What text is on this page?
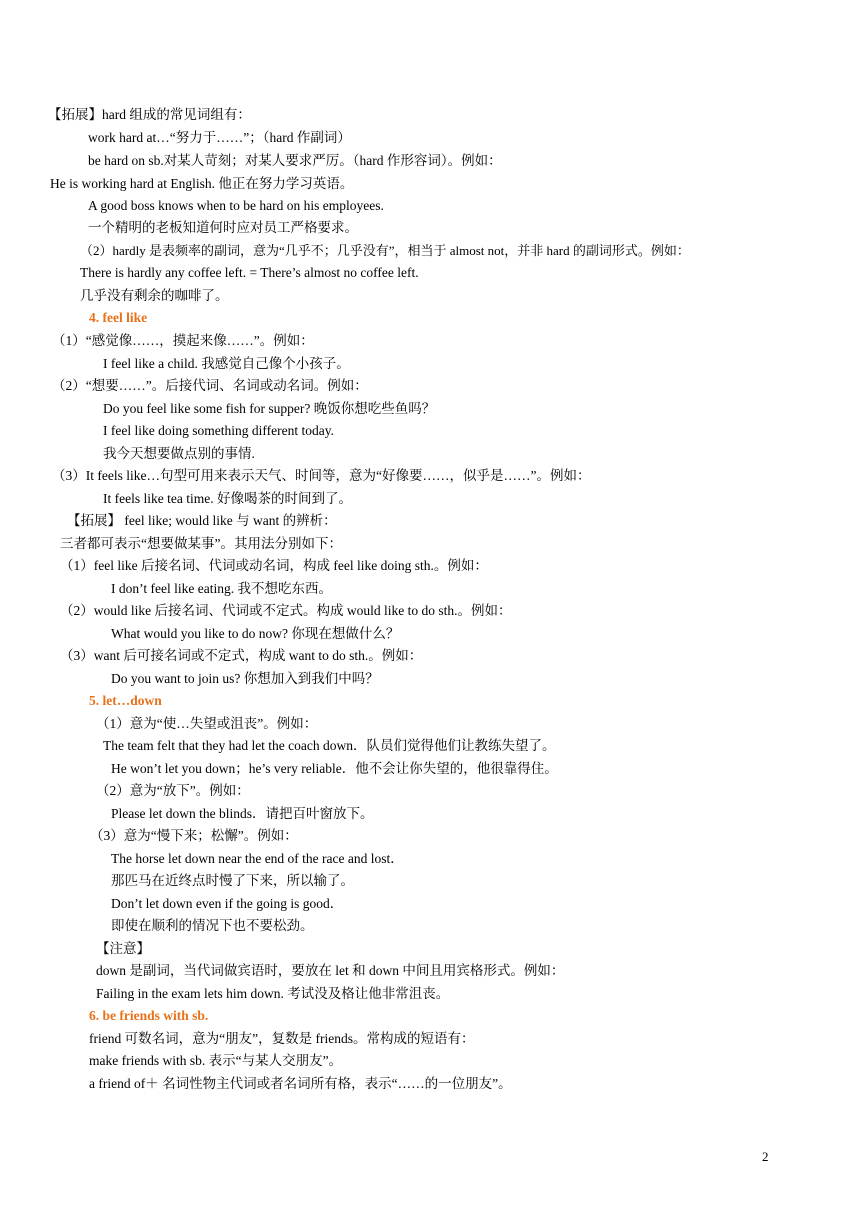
【拓展】hard 组成的常见词组有：
work hard at…“努力于……”；（hard 作副词）
be hard on sb.对某人苛刻；对某人要求严厉。（hard 作形容词）。例如：
He is working hard at English. 他正在努力学习英语。
A good boss knows when to be hard on his employees.
一个精明的老板知道何时应对员工严格要求。
（2）hardly 是表频率的副词，意为“几乎不；几乎没有”，相当于 almost not，并非 hard 的副词形式。例如：
There is hardly any coffee left. = There’s almost no coffee left.
几乎没有剩余的咖啡了。
4. feel like
（1）“感觉像……，摸起来像……”。例如：
I feel like a child. 我感觉自己像个小孩子。
（2）“想要……”。后接代词、名词或动名词。例如：
Do you feel like some fish for supper? 晚饭你想吃些鱼吗？
I feel like doing something different today.
我今天想要做点别的事情.
（3）It feels like…句型可用来表示天气、时间等，意为“好像要……，似乎是……”。例如：
It feels like tea time. 好像喝茶的时间到了。
【拓展】 feel like; would like 与 want 的辨析：
三者都可表示“想要做某事”。其用法分别如下：
（1）feel like 后接名词、代词或动名词，构成 feel like doing sth.。例如：
I don’t feel like eating. 我不想吃东西。
（2）would like 后接名词、代词或不定式。构成 would like to do sth.。例如：
What would you like to do now? 你现在想做什么？
（3）want 后可接名词或不定式，构成 want to do sth.。例如：
Do you want to join us? 你想加入到我们中吗？
5. let…down
（1）意为“使…失望或沮丧”。例如：
The team felt that they had let the coach down．队员们觉得他们让教练失望了。
He won’t let you down；he’s very reliable．他不会让你失望的，他很靠得住。
（2）意为“放下”。例如：
Please let down the blinds．请把百叶窗放下。
（3）意为“慢下来；松懈”。例如：
The horse let down near the end of the race and lost．
那匹马在近终点时慢了下来，所以输了。
Don’t let down even if the going is good．
即使在顺利的情况下也不要松劲。
【注意】
down 是副词，当代词做宾语时，要放在 let 和 down 中间且用宾格形式。例如：
Failing in the exam lets him down. 考试没及格让他非常沮丧。
6. be friends with sb.
friend 可数名词，意为“朋友”，复数是 friends。常构成的短语有：
make friends with sb. 表示“与某人交朋友”。
a friend of＋ 名词性物主代词或者名词所有格，表示“……的一位朋友”。
2
